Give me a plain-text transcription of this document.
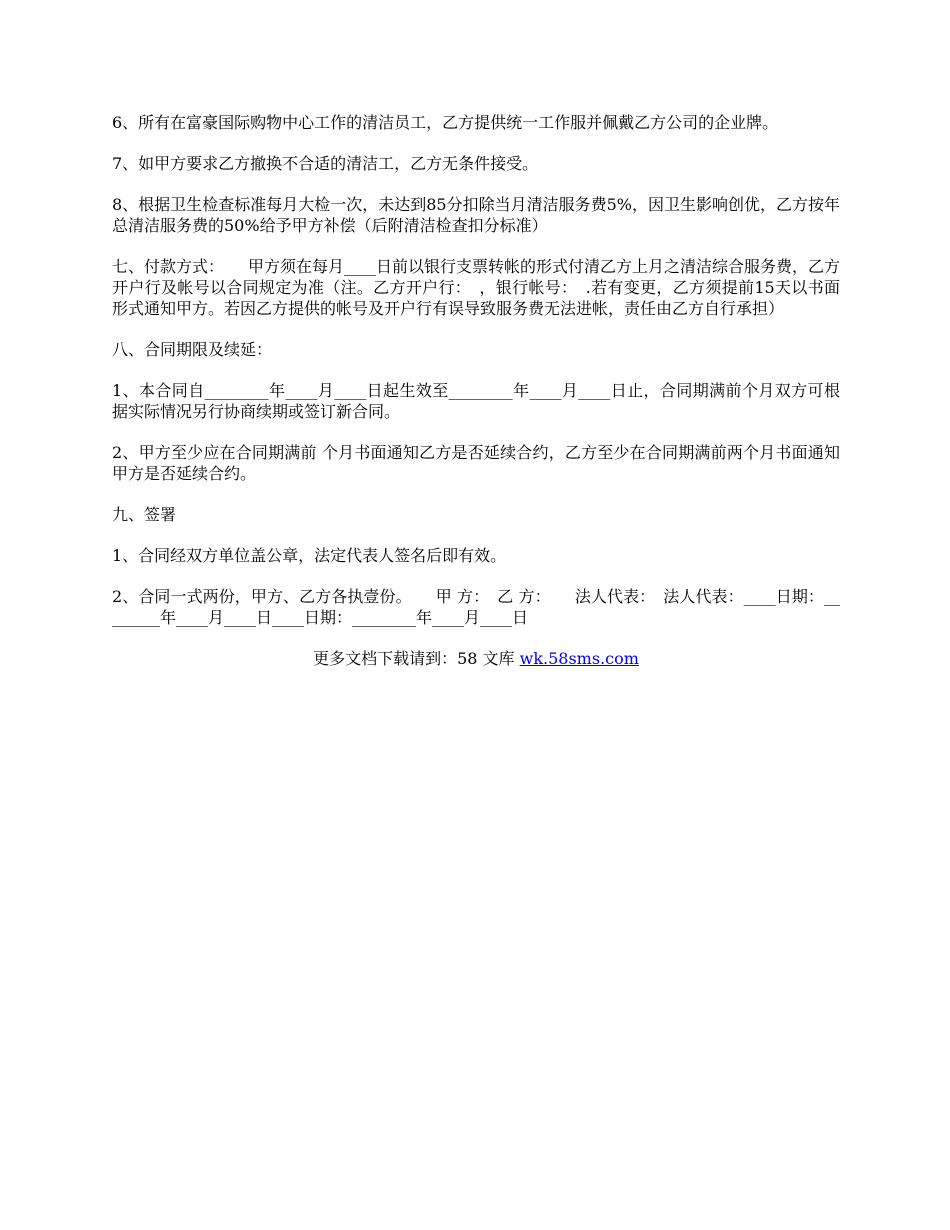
6、所有在富豪国际购物中心工作的清洁员工，乙方提供统一工作服并佩戴乙方公司的企业牌。

7、如甲方要求乙方撤换不合适的清洁工，乙方无条件接受。

8、根据卫生检查标准每月大检一次，未达到85分扣除当月清洁服务费5%，因卫生影响创优，乙方按年总清洁服务费的50%给予甲方补偿（后附清洁检查扣分标准）

七、付款方式：　　甲方须在每月____日前以银行支票转帐的形式付清乙方上月之清洁综合服务费，乙方开户行及帐号以合同规定为准（注。乙方开户行：　，银行帐号：　.若有变更，乙方须提前15天以书面形式通知甲方。若因乙方提供的帐号及开户行有误导致服务费无法进帐，责任由乙方自行承担）

八、合同期限及续延：

1、本合同自________年____月____日起生效至________年____月____日止，合同期满前个月双方可根据实际情况另行协商续期或签订新合同。

2、甲方至少应在合同期满前 个月书面通知乙方是否延续合约，乙方至少在合同期满前两个月书面通知甲方是否延续合约。

九、签署

1、合同经双方单位盖公章，法定代表人签名后即有效。

2、合同一式两份，甲方、乙方各执壹份。　　甲 方：　乙 方：　　法人代表：　法人代表：____日期：________年____月____日____日期：________年____月____日

更多文档下载请到：58 文库 wk.58sms.com
